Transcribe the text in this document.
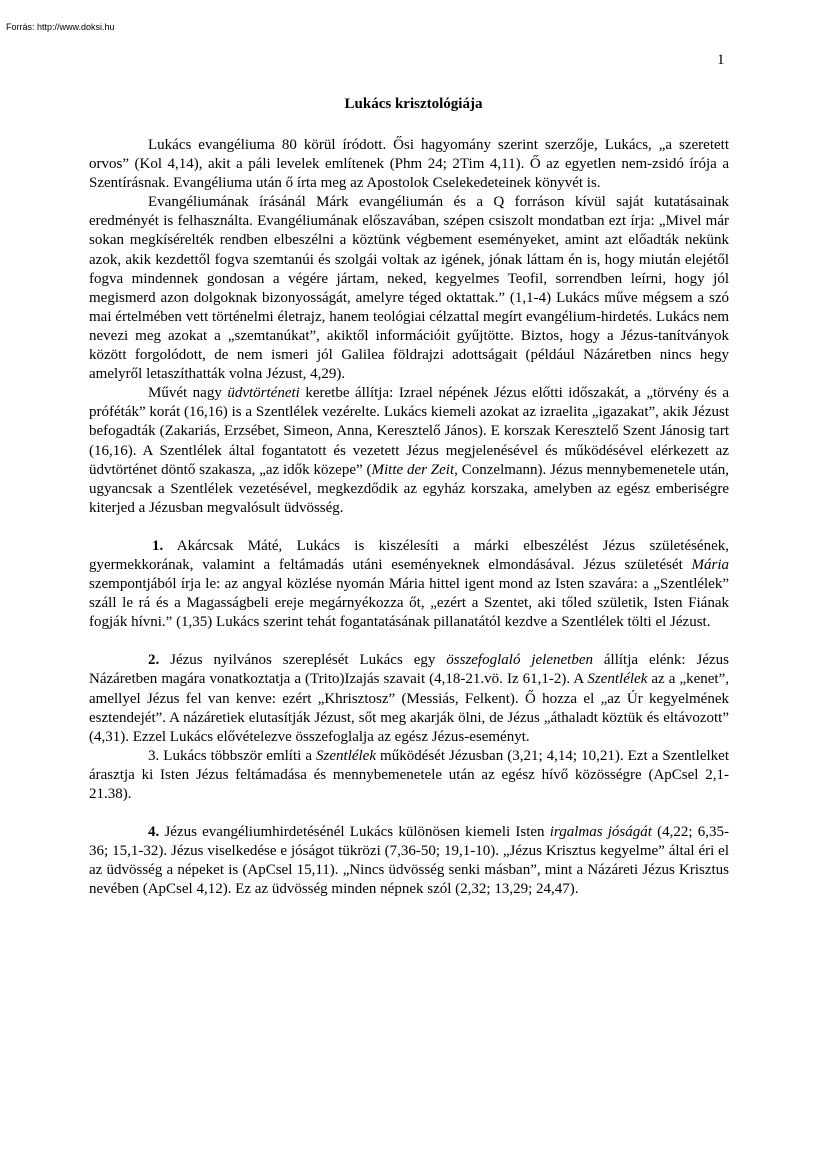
Forrás: http://www.doksi.hu
1
Lukács krisztológiája

Lukács evangéliuma 80 körül íródott. Ősi hagyomány szerint szerzője, Lukács, „a szeretett orvos” (Kol 4,14), akit a páli levelek említenek (Phm 24; 2Tim 4,11). Ő az egyetlen nem-zsidó írója a Szentírásnak. Evangéliuma után ő írta meg az Apostolok Cselekedeteinek könyvét is.

Evangéliumának írásánál Márk evangéliumán és a Q forráson kívül saját kutatásainak eredményét is felhasználta. Evangéliumának előszavában, szépen csiszolt mondatban ezt írja: „Mivel már sokan megkísérelték rendben elbeszélni a köztünk végbement eseményeket, amint azt előadták nekünk azok, akik kezdettől fogva szemtanúi és szolgái voltak az igének, jónak láttam én is, hogy miután elejétől fogva mindennek gondosan a végére jártam, neked, kegyelmes Teofil, sorrendben leírni, hogy jól megismerd azon dolgoknak bizonyosságát, amelyre téged oktattak.” (1,1-4) Lukács műve mégsem a szó mai értelmében vett történelmi életrajz, hanem teológiai célzattal megírt evangélium-hirdetés. Lukács nem nevezi meg azokat a „szemtanúkat”, akiktől információit gyűjtötte. Biztos, hogy a Jézus-tanítványok között forgolódott, de nem ismeri jól Galilea földrajzi adottságait (például Názáretben nincs hegy amelyről letaszíthatták volna Jézust, 4,29).

Művét nagy üdvtörténeti keretbe állítja: Izrael népének Jézus előtti időszakát, a „törvény és a próféták” korát (16,16) is a Szentlélek vezérelte. Lukács kiemeli azokat az izraelita „igazakat”, akik Jézust befogadták (Zakariás, Erzsébet, Simeon, Anna, Keresztelő János). E korszak Keresztelő Szent Jánosig tart (16,16). A Szentlélek által fogantatott és vezetett Jézus megjelenésével és működésével elérkezett az üdvtörténet döntő szakasza, „az idők közepe” (Mitte der Zeit, Conzelmann). Jézus mennybemenetele után, ugyancsak a Szentlélek vezetésével, megkezdődik az egyház korszaka, amelyben az egész emberiségre kiterjed a Jézusban megvalósult üdvösség.

1. Akárcsak Máté, Lukács is kiszélesíti a márki elbeszélést Jézus születésének, gyermekkorának, valamint a feltámadás utáni eseményeknek elmondásával. Jézus születését Mária szempontjából írja le: az angyal közlése nyomán Mária hittel igent mond az Isten szavára: a „Szentlélek” száll le rá és a Magasságbeli ereje megárnyékozza őt, „ezért a Szentet, aki tőled születik, Isten Fiának fogják hívni.” (1,35) Lukács szerint tehát fogantatásának pillanatától kezdve a Szentlélek tölti el Jézust.

2. Jézus nyilvános szereplését Lukács egy összefoglaló jelenetben állítja elénk: Jézus Názáretben magára vonatkoztatja a (Trito)Izajás szavait (4,18-21.vö. Iz 61,1-2). A Szentlélek az a „kenet”, amellyel Jézus fel van kenve: ezért „Khrisztosz” (Messiás, Felkent). Ő hozza el „az Úr kegyelmének esztendejét”. A názáretiek elutasítják Jézust, sőt meg akarják ölni, de Jézus „áthaladt köztük és eltávozott” (4,31). Ezzel Lukács elővételezve összefoglalja az egész Jézus-eseményt.

3. Lukács többször említi a Szentlélek működését Jézusban (3,21; 4,14; 10,21). Ezt a Szentlelket árasztja ki Isten Jézus feltámadása és mennybemenetele után az egész hívő közösségre (ApCsel 2,1-21.38).

4. Jézus evangéliumhirdetésénél Lukács különösen kiemeli Isten irgalmas jóságát (4,22; 6,35-36; 15,1-32). Jézus viselkedése e jóságot tükrözi (7,36-50; 19,1-10). „Jézus Krisztus kegyelme” által éri el az üdvösség a népeket is (ApCsel 15,11). „Nincs üdvösség senki másban”, mint a Názáreti Jézus Krisztus nevében (ApCsel 4,12). Ez az üdvösség minden népnek szól (2,32; 13,29; 24,47).
